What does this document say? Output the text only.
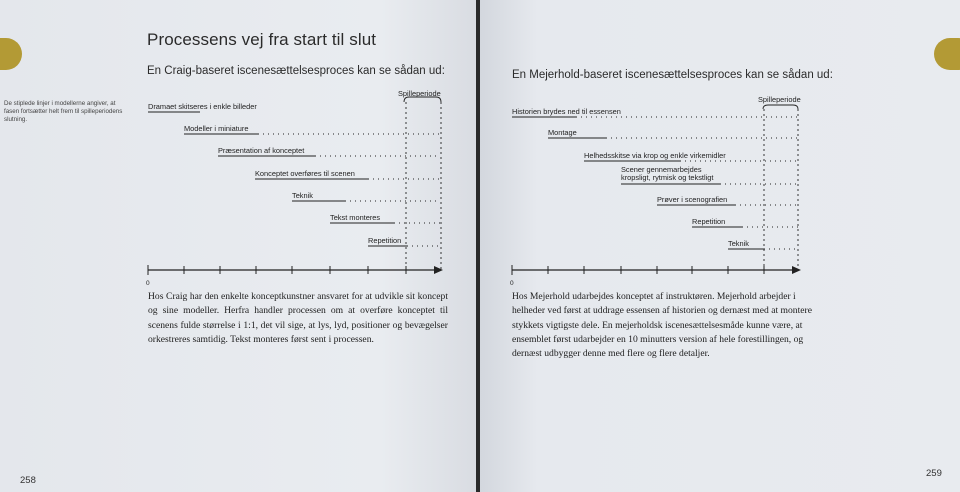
Processens vej fra start til slut
En Craig-baseret iscenesættelsesproces kan se sådan ud:
De stiplede linjer i modellerne angiver, at fasen fortsætter helt frem til spilleperiodens slutning.
Spilleperiode
Dramaet skitseres i enkle billeder
Modeller i miniature
Præsentation af konceptet
Konceptet overføres til scenen
Teknik
Tekst monteres
Repetition
0
Hos Craig har den enkelte konceptkunstner ansvaret for at udvikle sit koncept og sine modeller. Herfra handler processen om at overføre konceptet til scenens fulde størrelse i 1:1, det vil sige, at lys, lyd, positioner og bevægelser orkestreres samtidig. Tekst monteres først sent i processen.
258
En Mejerhold-baseret iscenesættelsesproces kan se sådan ud:
Spilleperiode
Historien brydes ned til essensen
Montage
Helhedsskitse via krop og enkle virkemidler
Scener gennemarbejdes
kropsligt, rytmisk og tekstligt
Prøver i scenografien
Repetition
Teknik
0
Hos Mejerhold udarbejdes konceptet af instruktøren. Mejerhold arbejder i helheder ved først at uddrage essensen af historien og dernæst med at montere stykkets vigtigste dele. En mejerholdsk iscenesættelsesmåde kunne være, at ensemblet først udarbejder en 10 minutters version af hele forestillingen, og dernæst udbygger denne med flere og flere detaljer.
259
